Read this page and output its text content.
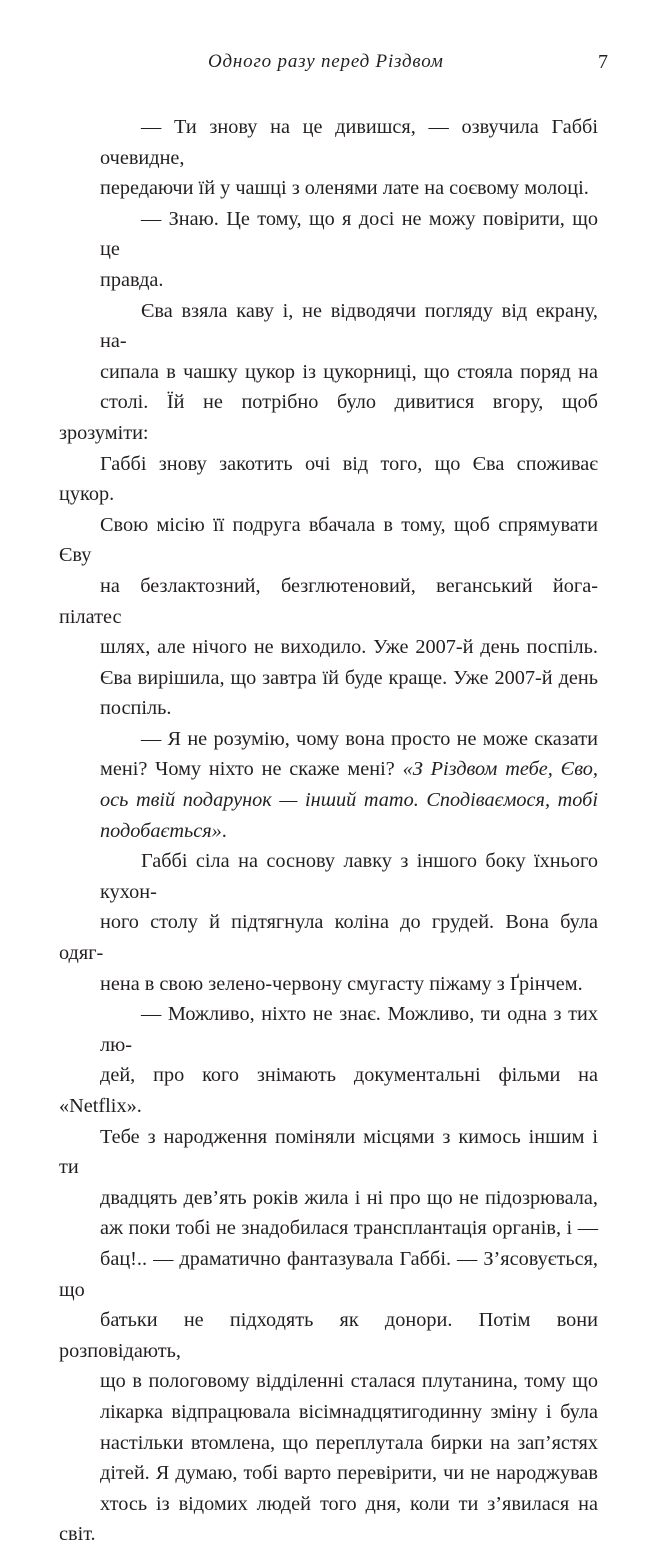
Одного разу перед Різдвом	7
— Ти знову на це дивишся, — озвучила Габбі очевидне,
передаючи їй у чашці з оленями лате на соєвому молоці.
— Знаю. Це тому, що я досі не можу повірити, що це
правда.
Єва взяла каву і, не відводячи погляду від екрану, на-
сипала в чашку цукор із цукорниці, що стояла поряд на
столі. Їй не потрібно було дивитися вгору, щоб зрозуміти:
Габбі знову закотить очі від того, що Єва споживає цукор.
Свою місію її подруга вбачала в тому, щоб спрямувати Єву
на безлактозний, безглютеновий, веганський йога-пілатес
шлях, але нічого не виходило. Уже 2007-й день поспіль.
Єва вирішила, що завтра їй буде краще. Уже 2007-й день
поспіль.
— Я не розумію, чому вона просто не може сказати
мені? Чому ніхто не скаже мені? «З Різдвом тебе, Єво,
ось твій подарунок — інший тато. Сподіваємося, тобі
подобається».
Габбі сіла на соснову лавку з іншого боку їхнього кухон-
ного столу й підтягнула коліна до грудей. Вона була одяг-
нена в свою зелено-червону смугасту піжаму з Ґрінчем.
— Можливо, ніхто не знає. Можливо, ти одна з тих лю-
дей, про кого знімають документальні фільми на «Netflix».
Тебе з народження поміняли місцями з кимось іншим і ти
двадцять дев’ять років жила і ні про що не підозрювала,
аж поки тобі не знадобилася трансплантація органів, і —
бац!.. — драматично фантазувала Габбі. — З’ясовується, що
батьки не підходять як донори. Потім вони розповідають,
що в пологовому відділенні сталася плутанина, тому що
лікарка відпрацювала вісімнадцятигодинну зміну і була
настільки втомлена, що переплутала бирки на зап’ястях
дітей. Я думаю, тобі варто перевірити, чи не народжував
хтось із відомих людей того дня, коли ти з’явилася на світ.
